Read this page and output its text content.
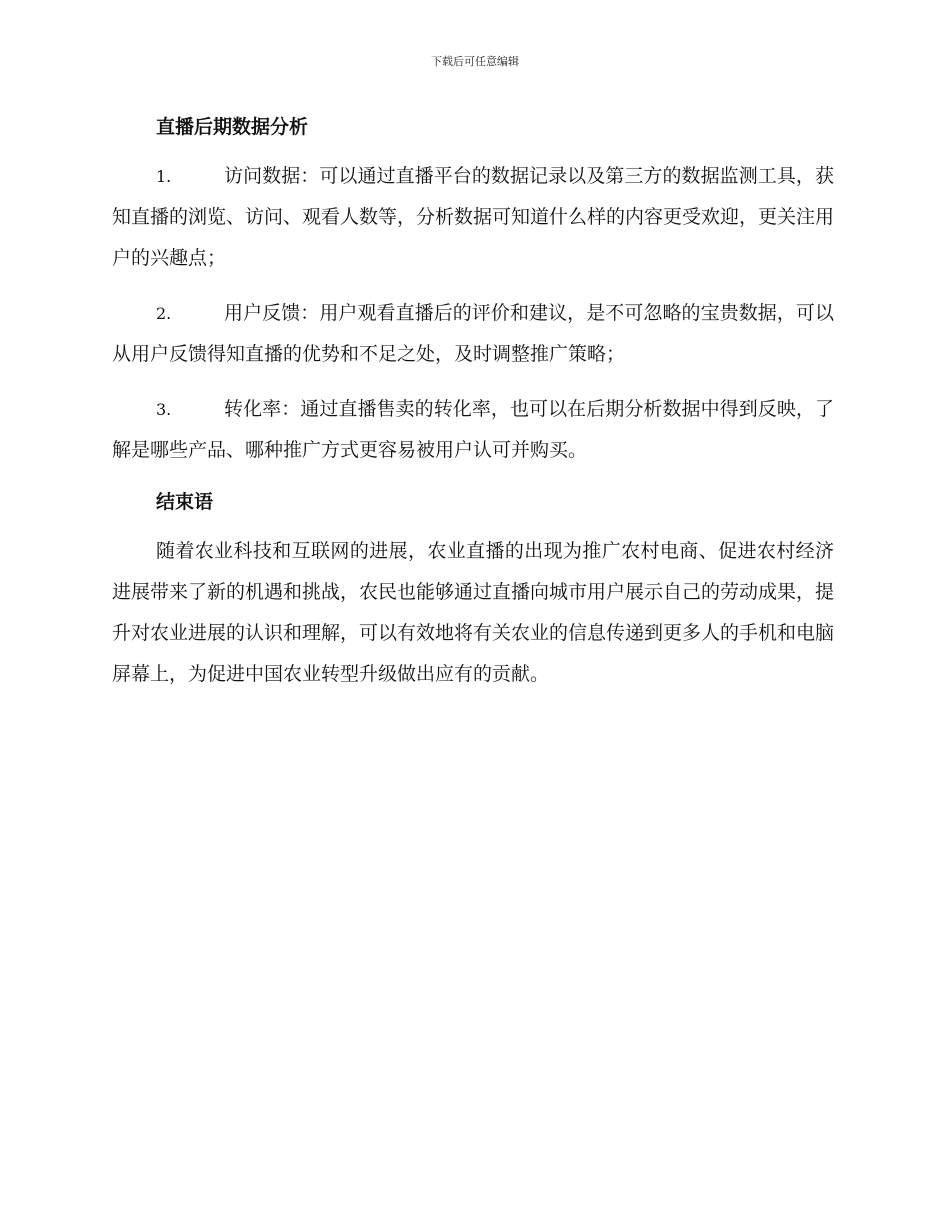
下载后可任意编辑
直播后期数据分析

1.	访问数据：可以通过直播平台的数据记录以及第三方的数据监测工具，获知直播的浏览、访问、观看人数等，分析数据可知道什么样的内容更受欢迎，更关注用户的兴趣点；

2.	用户反馈：用户观看直播后的评价和建议，是不可忽略的宝贵数据，可以从用户反馈得知直播的优势和不足之处，及时调整推广策略；

3.	转化率：通过直播售卖的转化率，也可以在后期分析数据中得到反映，了解是哪些产品、哪种推广方式更容易被用户认可并购买。

结束语

随着农业科技和互联网的进展，农业直播的出现为推广农村电商、促进农村经济进展带来了新的机遇和挑战，农民也能够通过直播向城市用户展示自己的劳动成果，提升对农业进展的认识和理解，可以有效地将有关农业的信息传递到更多人的手机和电脑屏幕上，为促进中国农业转型升级做出应有的贡献。
